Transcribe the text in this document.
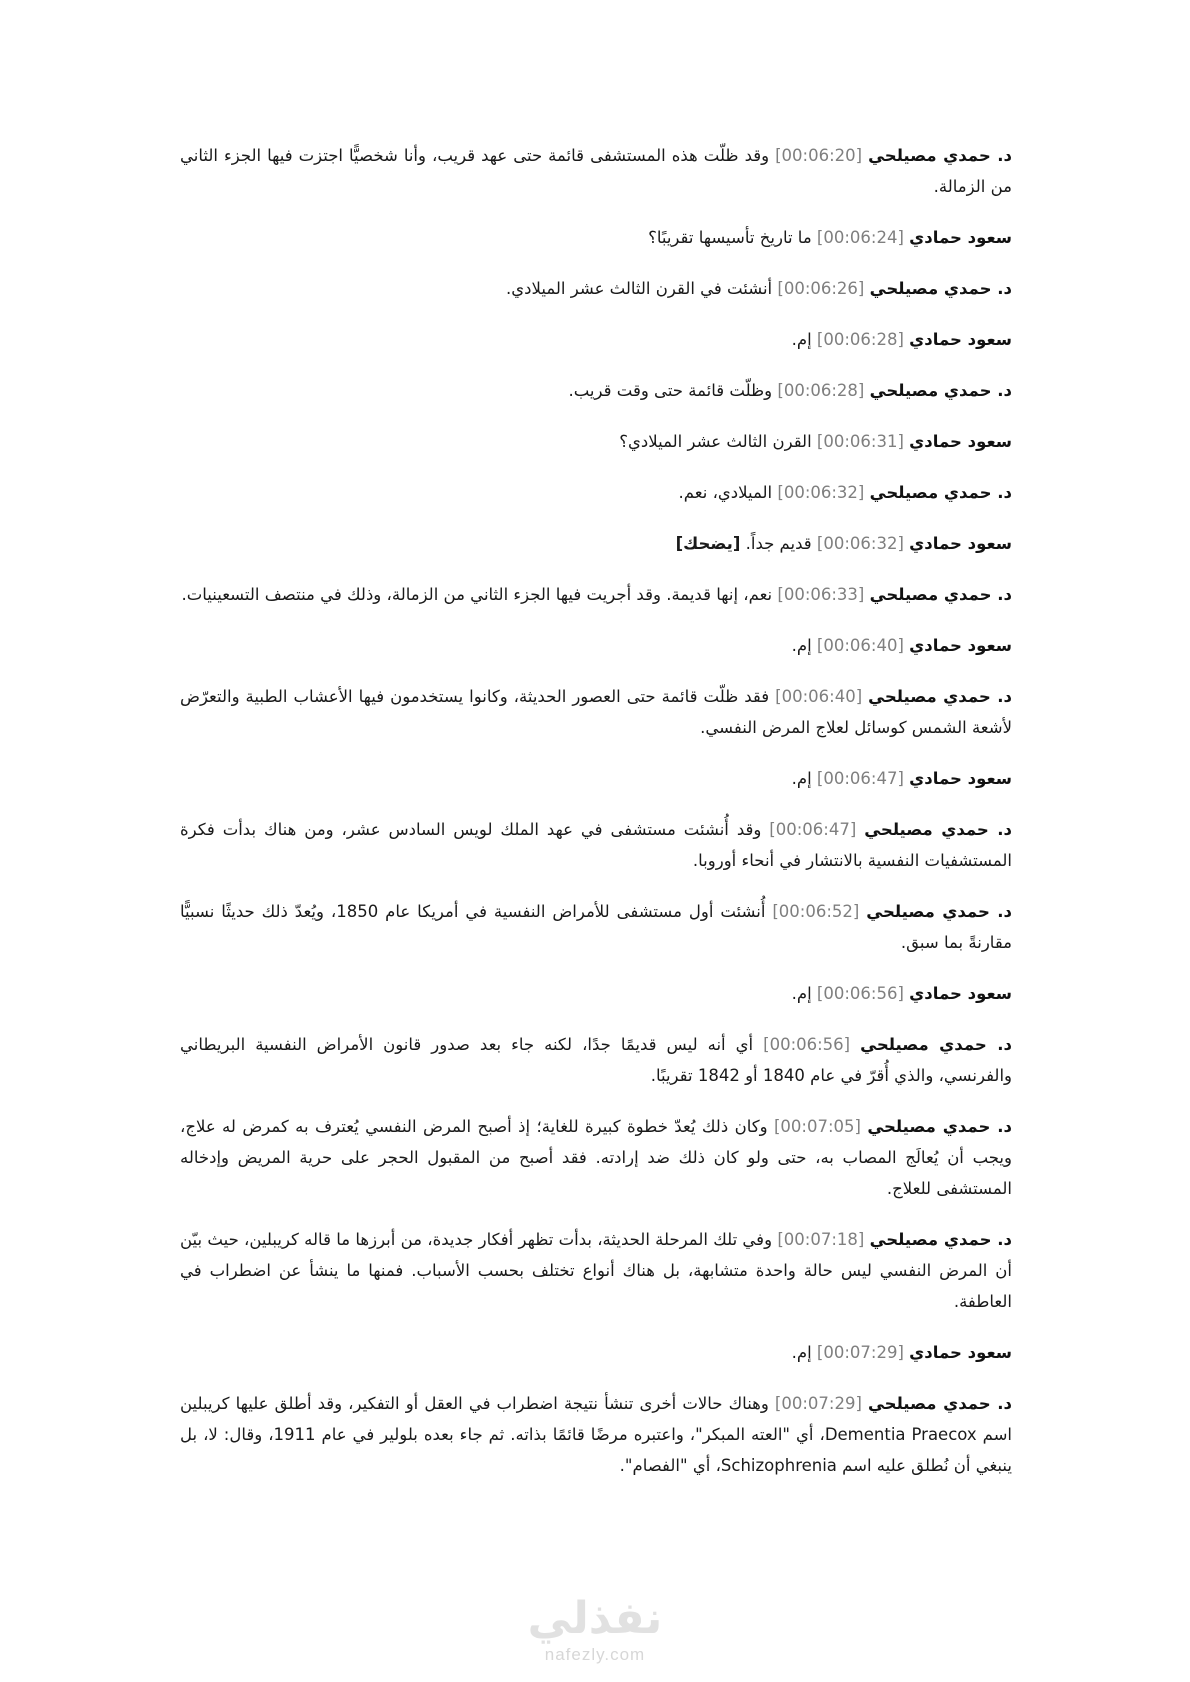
د. حمدي مصيلحي [00:06:20] وقد ظلّت هذه المستشفى قائمة حتى عهد قريب، وأنا شخصيًّا اجتزت فيها الجزء الثاني من الزمالة.

سعود حمادي [00:06:24] ما تاريخ تأسيسها تقريبًا؟

د. حمدي مصيلحي [00:06:26] أنشئت في القرن الثالث عشر الميلادي.

سعود حمادي [00:06:28] إم.

د. حمدي مصيلحي [00:06:28] وظلّت قائمة حتى وقت قريب.

سعود حمادي [00:06:31] القرن الثالث عشر الميلادي؟

د. حمدي مصيلحي [00:06:32] الميلادي، نعم.

سعود حمادي [00:06:32] قديم جداً. [يضحك]

د. حمدي مصيلحي [00:06:33] نعم، إنها قديمة. وقد أجريت فيها الجزء الثاني من الزمالة، وذلك في منتصف التسعينيات.

سعود حمادي [00:06:40] إم.

د. حمدي مصيلحي [00:06:40] فقد ظلّت قائمة حتى العصور الحديثة، وكانوا يستخدمون فيها الأعشاب الطبية والتعرّض لأشعة الشمس كوسائل لعلاج المرض النفسي.

سعود حمادي [00:06:47] إم.

د. حمدي مصيلحي [00:06:47] وقد أُنشئت مستشفى في عهد الملك لويس السادس عشر، ومن هناك بدأت فكرة المستشفيات النفسية بالانتشار في أنحاء أوروبا.

د. حمدي مصيلحي [00:06:52] أُنشئت أول مستشفى للأمراض النفسية في أمريكا عام 1850، ويُعدّ ذلك حديثًا نسبيًّا مقارنةً بما سبق.

سعود حمادي [00:06:56] إم.

د. حمدي مصيلحي [00:06:56] أي أنه ليس قديمًا جدًا، لكنه جاء بعد صدور قانون الأمراض النفسية البريطاني والفرنسي، والذي أُقرّ في عام 1840 أو 1842 تقريبًا.

د. حمدي مصيلحي [00:07:05] وكان ذلك يُعدّ خطوة كبيرة للغاية؛ إذ أصبح المرض النفسي يُعترف به كمرض له علاج، ويجب أن يُعالَج المصاب به، حتى ولو كان ذلك ضد إرادته. فقد أصبح من المقبول الحجر على حرية المريض وإدخاله المستشفى للعلاج.

د. حمدي مصيلحي [00:07:18] وفي تلك المرحلة الحديثة، بدأت تظهر أفكار جديدة، من أبرزها ما قاله كريبلين، حيث بيّن أن المرض النفسي ليس حالة واحدة متشابهة، بل هناك أنواع تختلف بحسب الأسباب. فمنها ما ينشأ عن اضطراب في العاطفة.

سعود حمادي [00:07:29] إم.

د. حمدي مصيلحي [00:07:29] وهناك حالات أخرى تنشأ نتيجة اضطراب في العقل أو التفكير، وقد أطلق عليها كريبلين اسم Dementia Praecox، أي "العته المبكر"، واعتبره مرضًا قائمًا بذاته. ثم جاء بعده بلولير في عام 1911، وقال: لا، بل ينبغي أن نُطلق عليه اسم Schizophrenia، أي "الفصام".

نفذلي
nafezly.com
